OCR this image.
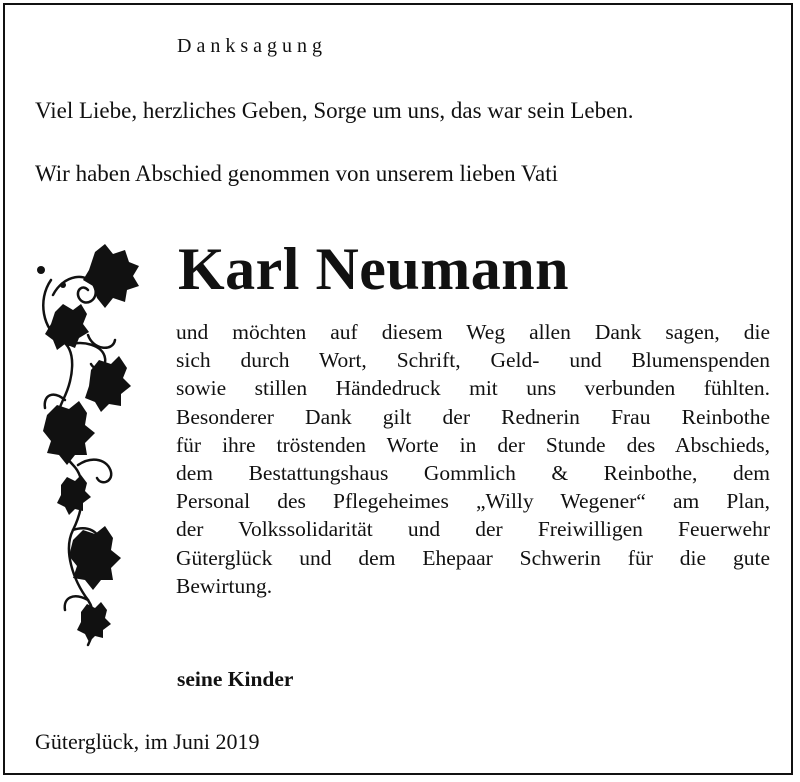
Danksagung
Viel Liebe, herzliches Geben, Sorge um uns, das war sein Leben.
Wir haben Abschied genommen von unserem lieben Vati
Karl Neumann
und möchten auf diesem Weg allen Dank sagen, die
sich durch Wort, Schrift, Geld- und Blumenspenden
sowie stillen Händedruck mit uns verbunden fühlten.
Besonderer Dank gilt der Rednerin Frau Reinbothe
für ihre tröstenden Worte in der Stunde des Abschieds,
dem Bestattungshaus Gommlich & Reinbothe, dem
Personal des Pflegeheimes „Willy Wegener“ am Plan,
der Volkssolidarität und der Freiwilligen Feuerwehr
Güterglück und dem Ehepaar Schwerin für die gute
Bewirtung.
seine Kinder
Güterglück, im Juni 2019
